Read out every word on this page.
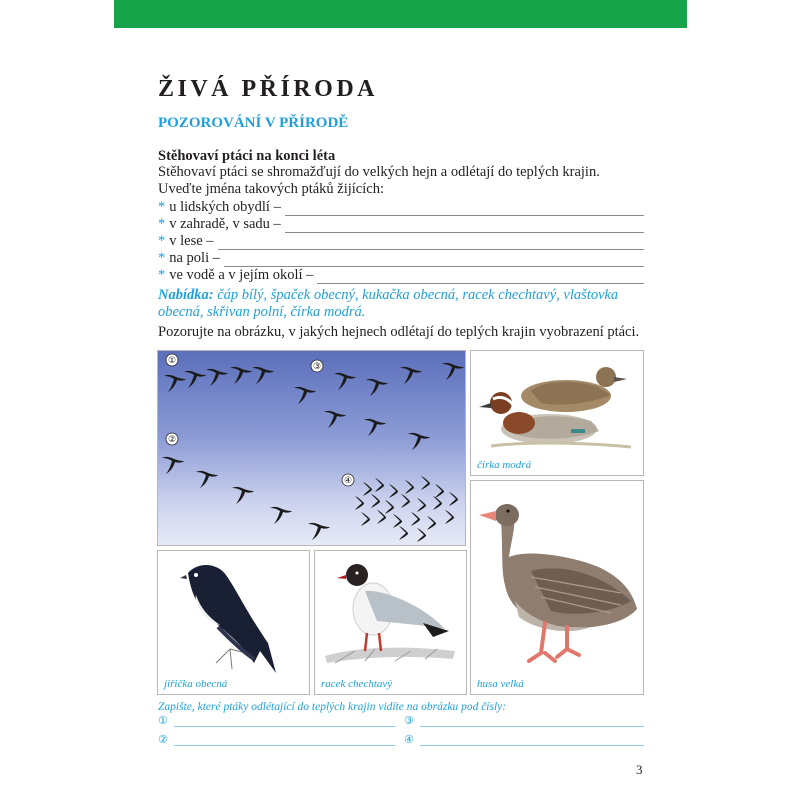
ŽIVÁ PŘÍRODA
POZOROVÁNÍ V PŘÍRODĚ
Stěhovaví ptáci na konci léta
Stěhovaví ptáci se shromažďují do velkých hejn a odlétají do teplých krajin.
Uveďte jména takových ptáků žijících:
* u lidských obydlí –
* v zahradě, v sadu –
* v lese –
* na poli –
* ve vodě a v jejím okolí –
Nabídka: čáp bílý, špaček obecný, kukačka obecná, racek chechtavý, vlaštovka obecná, skřivan polní, čírka modrá.
Pozorujte na obrázku, v jakých hejnech odlétají do teplých krajin vyobrazení ptáci.
①
③
②
④
čírka modrá
jiřička obecná	racek chechtavý	husa velká
Zapište, které ptáky odlétající do teplých krajin vidíte na obrázku pod čísly:
①	③
②	④
3
